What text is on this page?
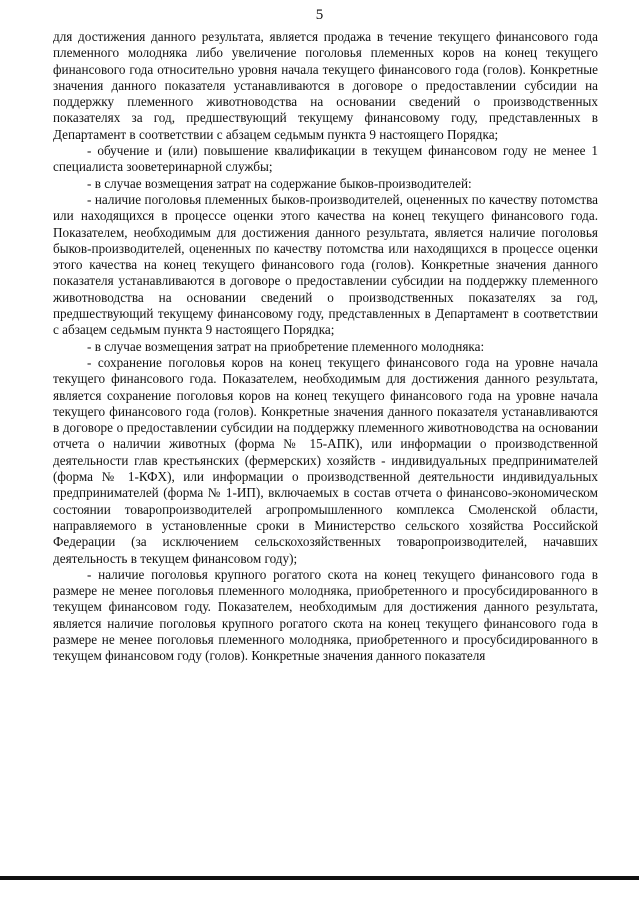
5

для достижения данного результата, является продажа в течение текущего финансового года племенного молодняка либо увеличение поголовья племенных коров на конец текущего финансового года относительно уровня начала текущего финансового года (голов). Конкретные значения данного показателя устанавливаются в договоре о предоставлении субсидии на поддержку племенного животноводства на основании сведений о производственных показателях за год, предшествующий текущему финансовому году, представленных в Департамент в соответствии с абзацем седьмым пункта 9 настоящего Порядка;

- обучение и (или) повышение квалификации в текущем финансовом году не менее 1 специалиста зооветеринарной службы;

- в случае возмещения затрат на содержание быков-производителей:

- наличие поголовья племенных быков-производителей, оцененных по качеству потомства или находящихся в процессе оценки этого качества на конец текущего финансового года. Показателем, необходимым для достижения данного результата, является наличие поголовья быков-производителей, оцененных по качеству потомства или находящихся в процессе оценки этого качества на конец текущего финансового года (голов). Конкретные значения данного показателя устанавливаются в договоре о предоставлении субсидии на поддержку племенного животноводства на основании сведений о производственных показателях за год, предшествующий текущему финансовому году, представленных в Департамент в соответствии с абзацем седьмым пункта 9 настоящего Порядка;

- в случае возмещения затрат на приобретение племенного молодняка:

- сохранение поголовья коров на конец текущего финансового года на уровне начала текущего финансового года. Показателем, необходимым для достижения данного результата, является сохранение поголовья коров на конец текущего финансового года на уровне начала текущего финансового года (голов). Конкретные значения данного показателя устанавливаются в договоре о предоставлении субсидии на поддержку племенного животноводства на основании отчета о наличии животных (форма № 15-АПК), или информации о производственной деятельности глав крестьянских (фермерских) хозяйств - индивидуальных предпринимателей (форма № 1-КФХ), или информации о производственной деятельности индивидуальных предпринимателей (форма № 1-ИП), включаемых в состав отчета о финансово-экономическом состоянии товаропроизводителей агропромышленного комплекса Смоленской области, направляемого в установленные сроки в Министерство сельского хозяйства Российской Федерации (за исключением сельскохозяйственных товаропроизводителей, начавших деятельность в текущем финансовом году);

- наличие поголовья крупного рогатого скота на конец текущего финансового года в размере не менее поголовья племенного молодняка, приобретенного и просубсидированного в текущем финансовом году. Показателем, необходимым для достижения данного результата, является наличие поголовья крупного рогатого скота на конец текущего финансового года в размере не менее поголовья племенного молодняка, приобретенного и просубсидированного в текущем финансовом году (голов). Конкретные значения данного показателя
